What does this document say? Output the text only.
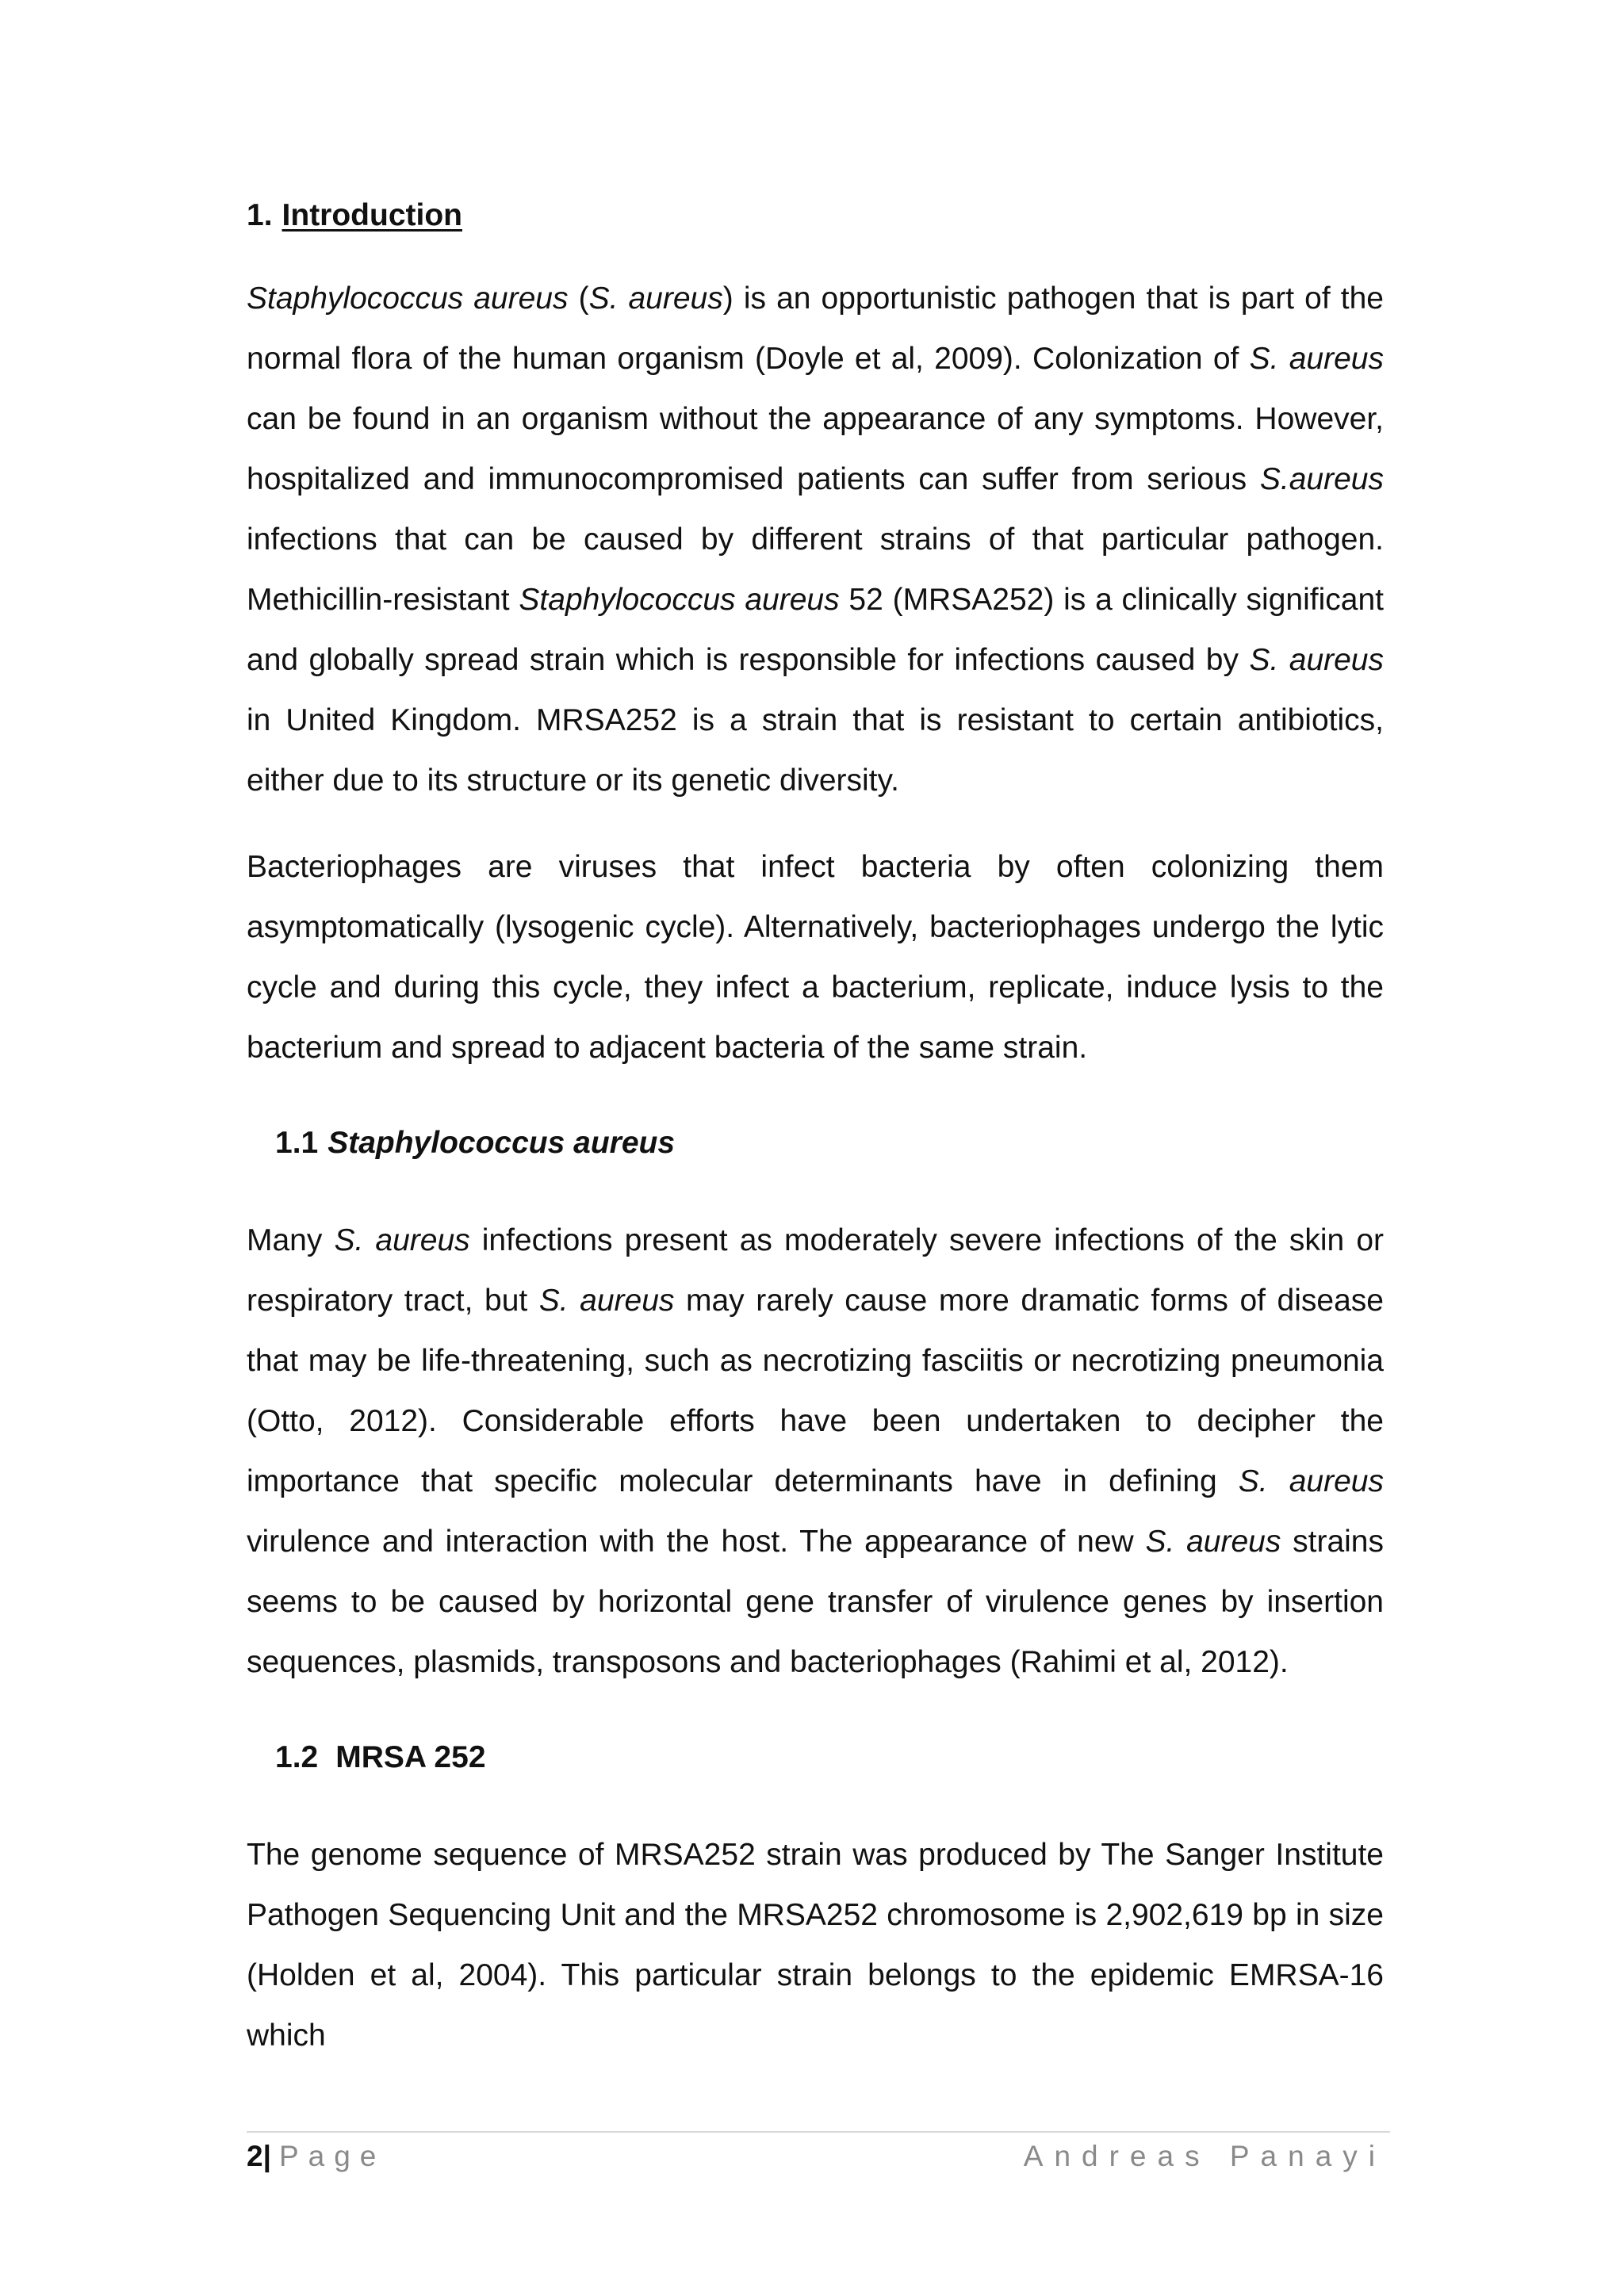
1. Introduction

Staphylococcus aureus (S. aureus) is an opportunistic pathogen that is part of the normal flora of the human organism (Doyle et al, 2009). Colonization of S. aureus can be found in an organism without the appearance of any symptoms. However, hospitalized and immunocompromised patients can suffer from serious S.aureus infections that can be caused by different strains of that particular pathogen. Methicillin-resistant Staphylococcus aureus 52 (MRSA252) is a clinically significant and globally spread strain which is responsible for infections caused by S. aureus in United Kingdom. MRSA252 is a strain that is resistant to certain antibiotics, either due to its structure or its genetic diversity.

Bacteriophages are viruses that infect bacteria by often colonizing them asymptomatically (lysogenic cycle). Alternatively, bacteriophages undergo the lytic cycle and during this cycle, they infect a bacterium, replicate, induce lysis to the bacterium and spread to adjacent bacteria of the same strain.

1.1 Staphylococcus aureus

Many S. aureus infections present as moderately severe infections of the skin or respiratory tract, but S. aureus may rarely cause more dramatic forms of disease that may be life-threatening, such as necrotizing fasciitis or necrotizing pneumonia (Otto, 2012). Considerable efforts have been undertaken to decipher the importance that specific molecular determinants have in defining S. aureus virulence and interaction with the host. The appearance of new S. aureus strains seems to be caused by horizontal gene transfer of virulence genes by insertion sequences, plasmids, transposons and bacteriophages (Rahimi et al, 2012).

1.2 MRSA 252

The genome sequence of MRSA252 strain was produced by The Sanger Institute Pathogen Sequencing Unit and the MRSA252 chromosome is 2,902,619 bp in size (Holden et al, 2004). This particular strain belongs to the epidemic EMRSA-16 which

2| Page	Andreas Panayi
